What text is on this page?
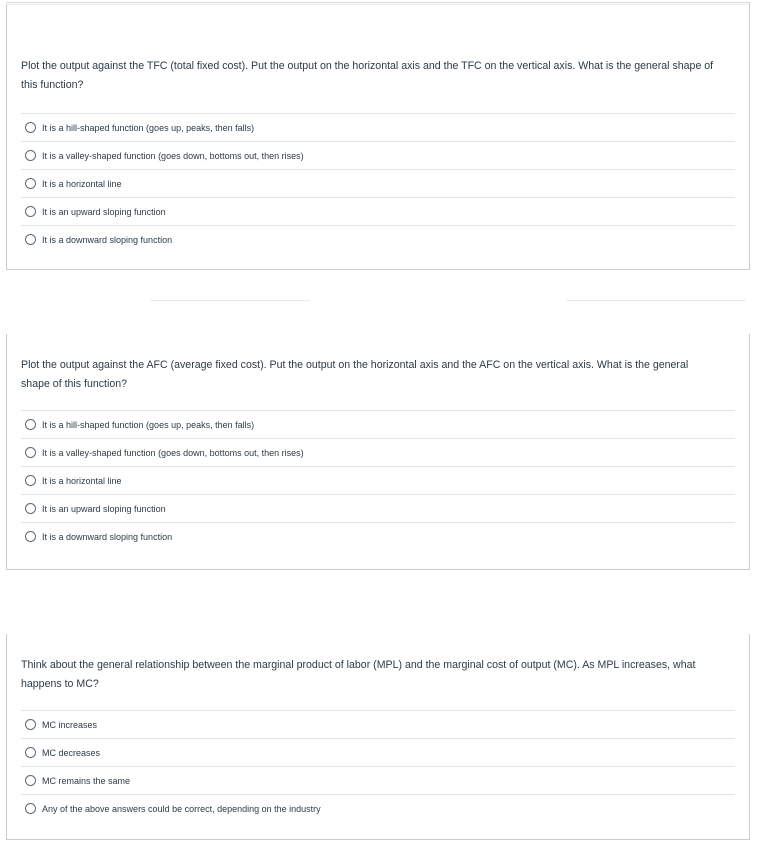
Plot the output against the TFC (total fixed cost). Put the output on the horizontal axis and the TFC on the vertical axis. What is the general shape of this function?
It is a hill-shaped function (goes up, peaks, then falls)
It is a valley-shaped function (goes down, bottoms out, then rises)
It is a horizontal line
It is an upward sloping function
It is a downward sloping function
Plot the output against the AFC (average fixed cost). Put the output on the horizontal axis and the AFC on the vertical axis. What is the general shape of this function?
It is a hill-shaped function (goes up, peaks, then falls)
It is a valley-shaped function (goes down, bottoms out, then rises)
It is a horizontal line
It is an upward sloping function
It is a downward sloping function
Think about the general relationship between the marginal product of labor (MPL) and the marginal cost of output (MC). As MPL increases, what happens to MC?
MC increases
MC decreases
MC remains the same
Any of the above answers could be correct, depending on the industry
